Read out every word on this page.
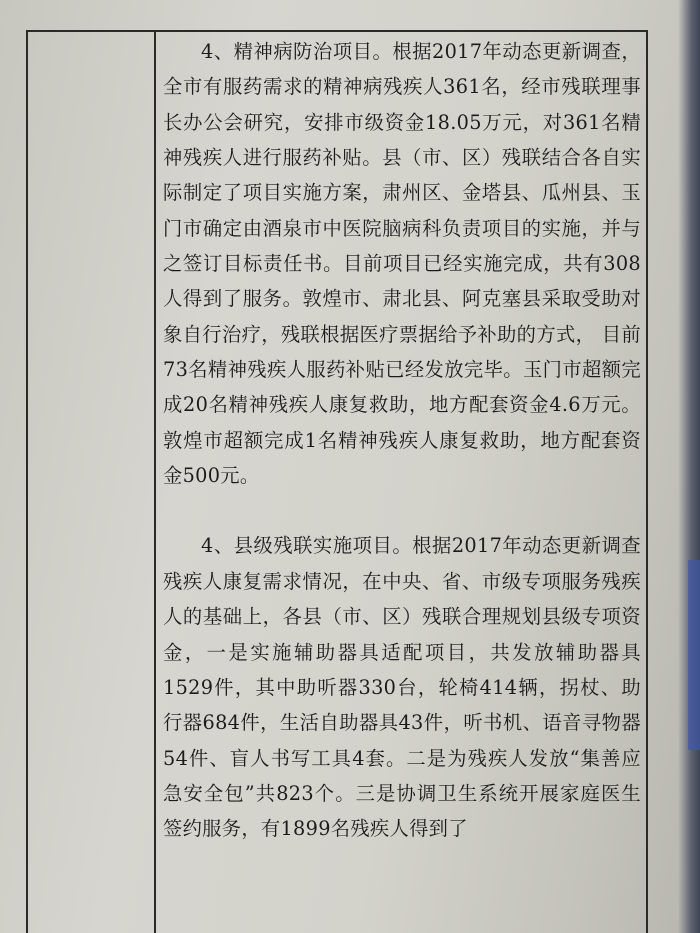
4、精神病防治项目。根据2017年动态更新调查，全市有服药需求的精神病残疾人361名，经市残联理事长办公会研究，安排市级资金18.05万元，对361名精神残疾人进行服药补贴。县（市、区）残联结合各自实际制定了项目实施方案，肃州区、金塔县、瓜州县、玉门市确定由酒泉市中医院脑病科负责项目的实施，并与之签订目标责任书。目前项目已经实施完成，共有308人得到了服务。敦煌市、肃北县、阿克塞县采取受助对象自行治疗，残联根据医疗票据给予补助的方式， 目前73名精神残疾人服药补贴已经发放完毕。玉门市超额完成20名精神残疾人康复救助，地方配套资金4.6万元。敦煌市超额完成1名精神残疾人康复救助，地方配套资金500元。

4、县级残联实施项目。根据2017年动态更新调查残疾人康复需求情况，在中央、省、市级专项服务残疾人的基础上，各县（市、区）残联合理规划县级专项资金，一是实施辅助器具适配项目，共发放辅助器具1529件，其中助听器330台，轮椅414辆，拐杖、助行器684件，生活自助器具43件，听书机、语音寻物器54件、盲人书写工具4套。二是为残疾人发放“集善应急安全包”共823个。三是协调卫生系统开展家庭医生签约服务，有1899名残疾人得到了
